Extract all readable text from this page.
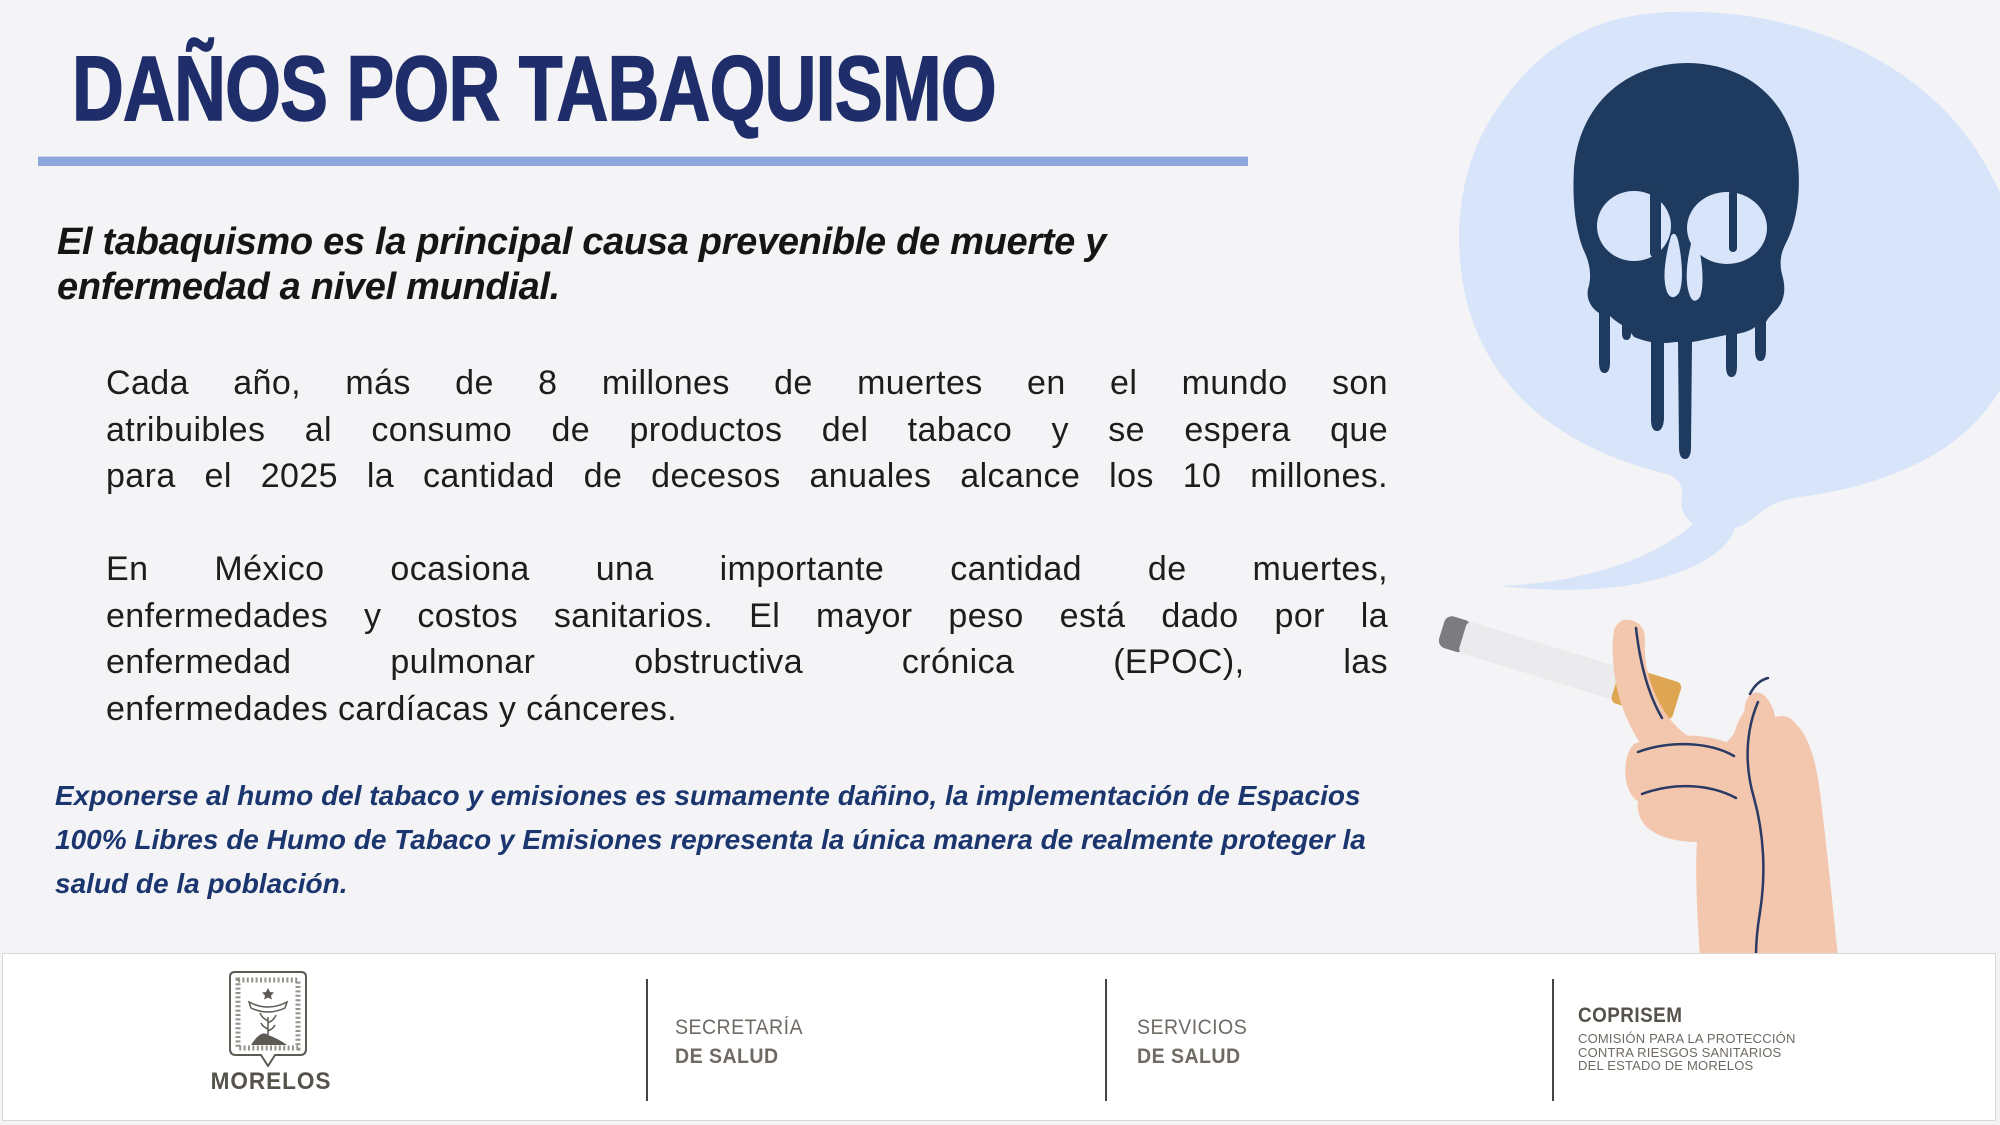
DAÑOS POR TABAQUISMO
El tabaquismo es la principal causa prevenible de muerte y
enfermedad a nivel mundial.
Cada año, más de 8 millones de muertes en el mundo son
atribuibles al consumo de productos del tabaco y se espera que
para el 2025 la cantidad de decesos anuales alcance los 10 millones.
En México ocasiona una importante cantidad de muertes,
enfermedades y costos sanitarios. El mayor peso está dado por la
enfermedad pulmonar obstructiva crónica (EPOC), las
enfermedades cardíacas y cánceres.
Exponerse al humo del tabaco y emisiones es sumamente dañino, la implementación de Espacios
100% Libres de Humo de Tabaco y Emisiones representa la única manera de realmente proteger la
salud de la población.
MORELOS
SECRETARÍA
DE SALUD
SERVICIOS
DE SALUD
COPRISEM
COMISIÓN PARA LA PROTECCIÓN
CONTRA RIESGOS SANITARIOS
DEL ESTADO DE MORELOS
